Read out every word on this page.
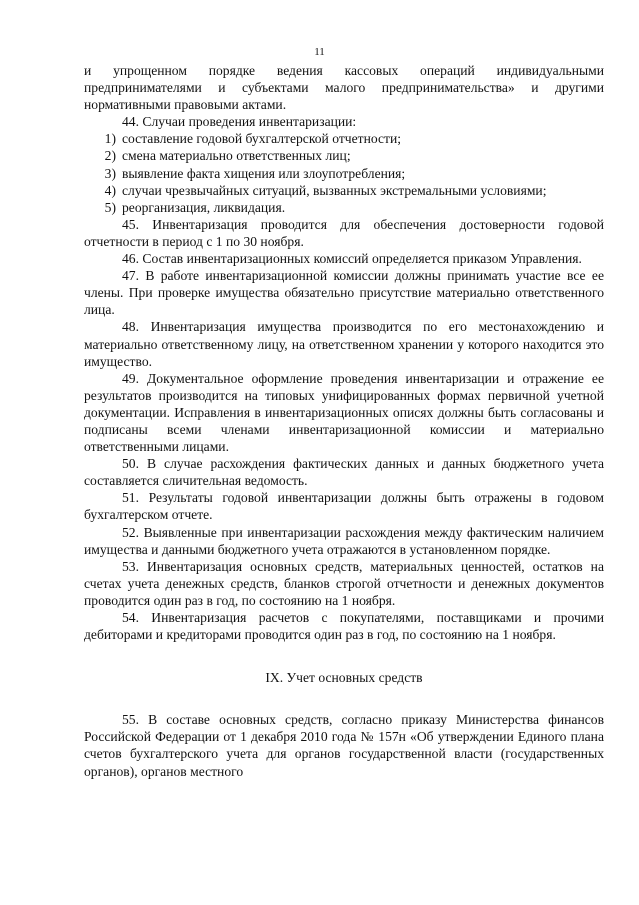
11

и упрощенном порядке ведения кассовых операций индивидуальными предпринимателями и субъектами малого предпринимательства» и другими нормативными правовыми актами.

44. Случаи проведения инвентаризации:

1) составление годовой бухгалтерской отчетности;
2) смена материально ответственных лиц;
3) выявление факта хищения или злоупотребления;
4) случаи чрезвычайных ситуаций, вызванных экстремальными условиями;
5) реорганизация, ликвидация.

45. Инвентаризация проводится для обеспечения достоверности годовой отчетности в период с 1 по 30 ноября.

46. Состав инвентаризационных комиссий определяется приказом Управления.

47. В работе инвентаризационной комиссии должны принимать участие все ее члены. При проверке имущества обязательно присутствие материально ответственного лица.

48. Инвентаризация имущества производится по его местонахождению и материально ответственному лицу, на ответственном хранении у которого находится это имущество.

49. Документальное оформление проведения инвентаризации и отражение ее результатов производится на типовых унифицированных формах первичной учетной документации. Исправления в инвентаризационных описях должны быть согласованы и подписаны всеми членами инвентаризационной комиссии и материально ответственными лицами.

50. В случае расхождения фактических данных и данных бюджетного учета составляется сличительная ведомость.

51. Результаты годовой инвентаризации должны быть отражены в годовом бухгалтерском отчете.

52. Выявленные при инвентаризации расхождения между фактическим наличием имущества и данными бюджетного учета отражаются в установленном порядке.

53. Инвентаризация основных средств, материальных ценностей, остатков на счетах учета денежных средств, бланков строгой отчетности и денежных документов проводится один раз в год, по состоянию на 1 ноября.

54. Инвентаризация расчетов с покупателями, поставщиками и прочими дебиторами и кредиторами проводится один раз в год, по состоянию на 1 ноября.

IX. Учет основных средств

55. В составе основных средств, согласно приказу Министерства финансов Российской Федерации от 1 декабря 2010 года № 157н «Об утверждении Единого плана счетов бухгалтерского учета для органов государственной власти (государственных органов), органов местного
